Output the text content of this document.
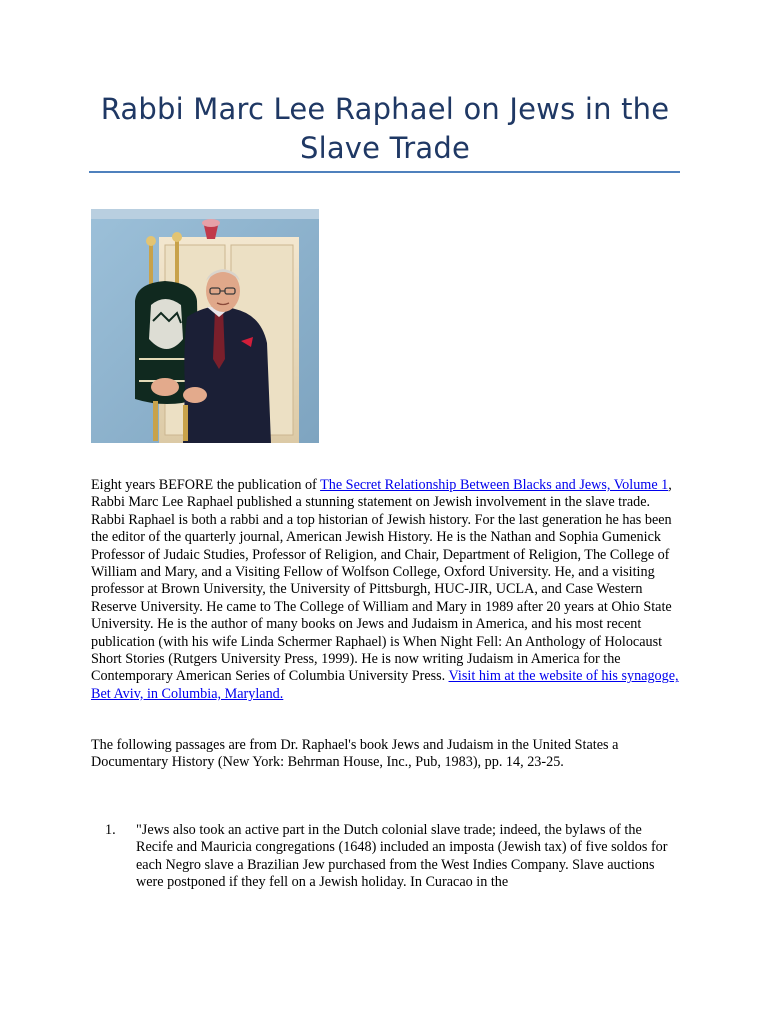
Rabbi Marc Lee Raphael on Jews in the Slave Trade
Eight years BEFORE the publication of The Secret Relationship Between Blacks and Jews, Volume 1, Rabbi Marc Lee Raphael published a stunning statement on Jewish involvement in the slave trade. Rabbi Raphael is both a rabbi and a top historian of Jewish history. For the last generation he has been the editor of the quarterly journal, American Jewish History. He is the Nathan and Sophia Gumenick Professor of Judaic Studies, Professor of Religion, and Chair, Department of Religion, The College of William and Mary, and a Visiting Fellow of Wolfson College, Oxford University. He, and a visiting professor at Brown University, the University of Pittsburgh, HUC-JIR, UCLA, and Case Western Reserve University. He came to The College of William and Mary in 1989 after 20 years at Ohio State University. He is the author of many books on Jews and Judaism in America, and his most recent publication (with his wife Linda Schermer Raphael) is When Night Fell: An Anthology of Holocaust Short Stories (Rutgers University Press, 1999). He is now writing Judaism in America for the Contemporary American Series of Columbia University Press. Visit him at the website of his synagoge, Bet Aviv, in Columbia, Maryland.
The following passages are from Dr. Raphael's book Jews and Judaism in the United States a Documentary History (New York: Behrman House, Inc., Pub, 1983), pp. 14, 23-25.
1. "Jews also took an active part in the Dutch colonial slave trade; indeed, the bylaws of the Recife and Mauricia congregations (1648) included an imposta (Jewish tax) of five soldos for each Negro slave a Brazilian Jew purchased from the West Indies Company. Slave auctions were postponed if they fell on a Jewish holiday. In Curacao in the
